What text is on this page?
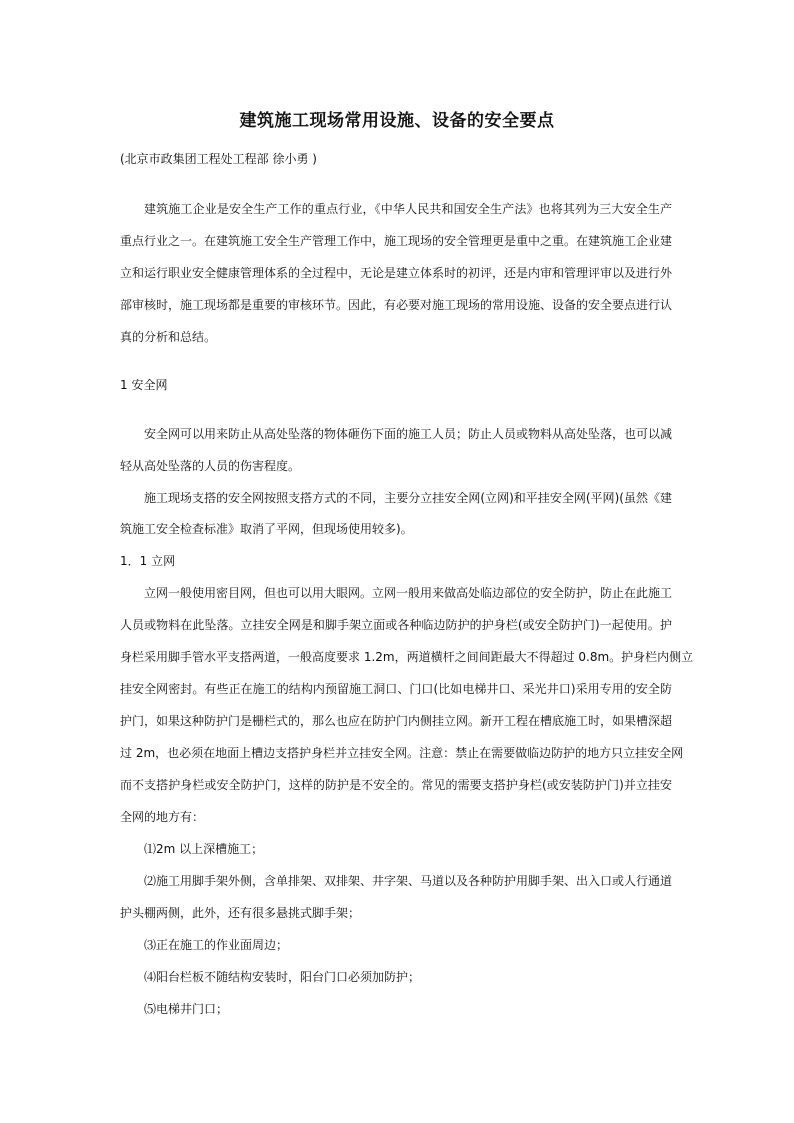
建筑施工现场常用设施、设备的安全要点
(北京市政集团工程处工程部 徐小勇 )
建筑施工企业是安全生产工作的重点行业，《中华人民共和国安全生产法》也将其列为三大安全生产
重点行业之一。在建筑施工安全生产管理工作中，施工现场的安全管理更是重中之重。在建筑施工企业建
立和运行职业安全健康管理体系的全过程中，无论是建立体系时的初评，还是内审和管理评审以及进行外
部审核时，施工现场都是重要的审核环节。因此，有必要对施工现场的常用设施、设备的安全要点进行认
真的分析和总结。
1 安全网
安全网可以用来防止从高处坠落的物体砸伤下面的施工人员；防止人员或物料从高处坠落，也可以减
轻从高处坠落的人员的伤害程度。
施工现场支搭的安全网按照支搭方式的不同，主要分立挂安全网(立网)和平挂安全网(平网)(虽然《建
筑施工安全检查标准》取消了平网，但现场使用较多)。
1．1 立网
立网一般使用密目网，但也可以用大眼网。立网一般用来做高处临边部位的安全防护，防止在此施工
人员或物料在此坠落。立挂安全网是和脚手架立面或各种临边防护的护身栏(或安全防护门)一起使用。护
身栏采用脚手管水平支搭两道，一般高度要求 1.2m，两道横杆之间间距最大不得超过 0.8m。护身栏内侧立
挂安全网密封。有些正在施工的结构内预留施工洞口、门口(比如电梯井口、采光井口)采用专用的安全防
护门，如果这种防护门是栅栏式的，那么也应在防护门内侧挂立网。新开工程在槽底施工时，如果槽深超
过 2m，也必须在地面上槽边支搭护身栏并立挂安全网。注意：禁止在需要做临边防护的地方只立挂安全网
而不支搭护身栏或安全防护门，这样的防护是不安全的。常见的需要支搭护身栏(或安装防护门)并立挂安
全网的地方有：
⑴2m 以上深槽施工；
⑵施工用脚手架外侧，含单排架、双排架、井字架、马道以及各种防护用脚手架、出入口或人行通道
护头棚两侧，此外，还有很多悬挑式脚手架；
⑶正在施工的作业面周边；
⑷阳台栏板不随结构安装时，阳台门口必须加防护；
⑸电梯井门口；
